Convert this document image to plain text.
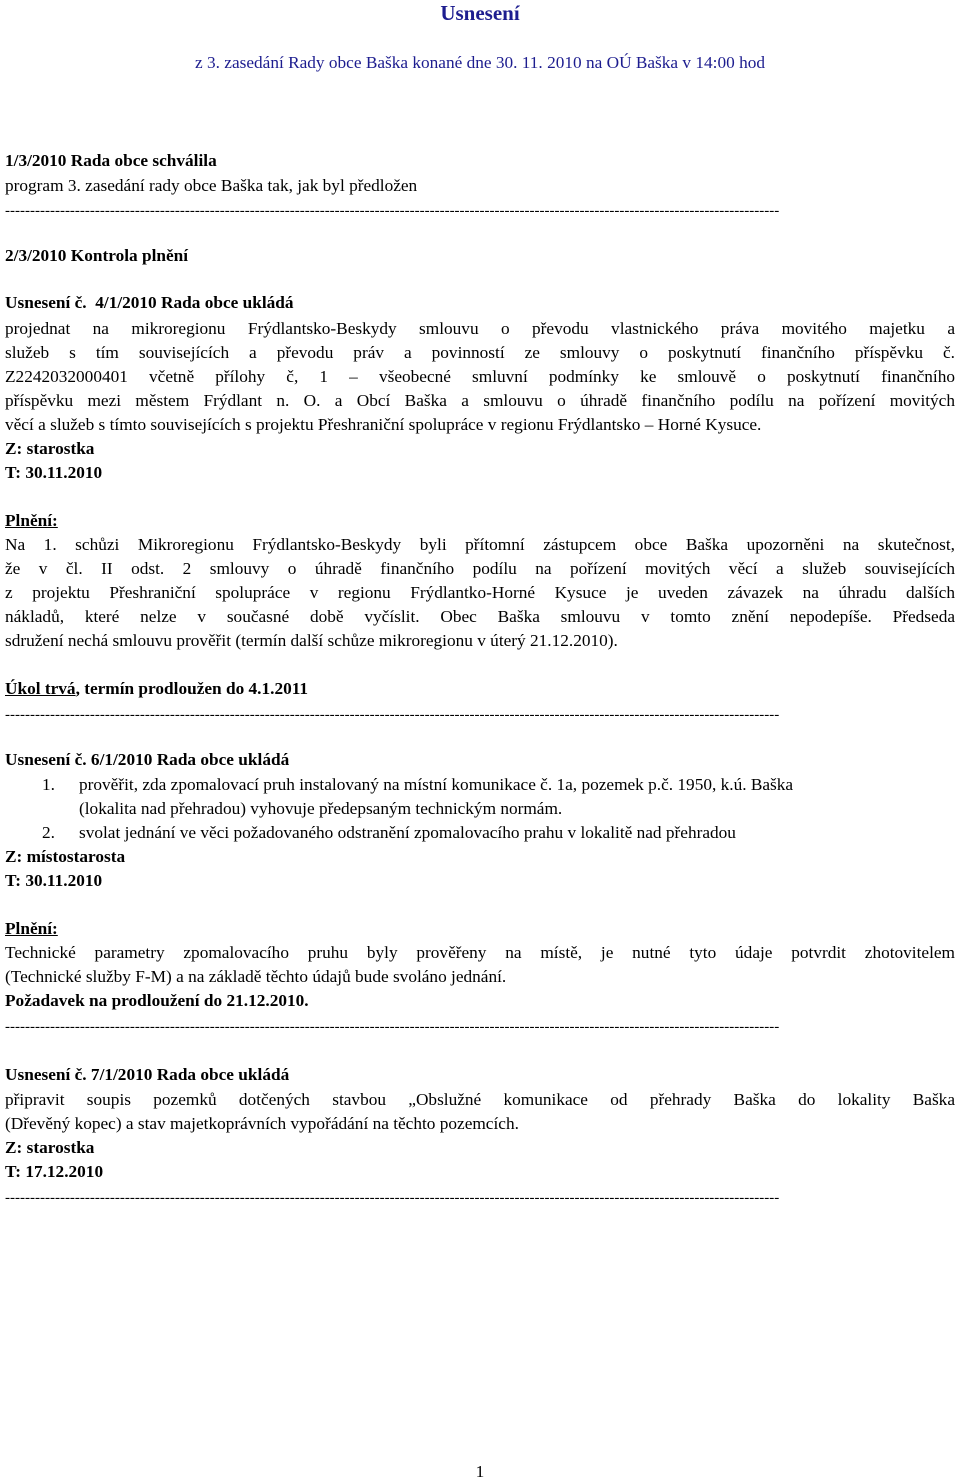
Usnesení
z 3. zasedání Rady obce Baška konané dne 30. 11. 2010 na OÚ Baška v 14:00 hod
1/3/2010 Rada obce schválila
program 3. zasedání rady obce Baška tak, jak byl předložen
-----------------------------------------------------------------------------------------------------------------------------------------------------------
2/3/2010 Kontrola plnění
Usnesení č. 4/1/2010 Rada obce ukládá
projednat na mikroregionu Frýdlantsko-Beskydy smlouvu o převodu vlastnického práva movitého majetku a
služeb s tím souvisejících a převodu práv a povinností ze smlouvy o poskytnutí finančního příspěvku č.
Z2242032000401 včetně přílohy č, 1 – všeobecné smluvní podmínky ke smlouvě o poskytnutí finančního
příspěvku mezi městem Frýdlant n. O. a Obcí Baška a smlouvu o úhradě finančního podílu na pořízení movitých
věcí a služeb s tímto souvisejících s projektu Přeshraniční spolupráce v regionu Frýdlantsko – Horné Kysuce.
Z: starostka
T: 30.11.2010
Plnění:
Na 1. schůzi Mikroregionu Frýdlantsko-Beskydy byli přítomní zástupcem obce Baška upozorněni na skutečnost,
že v čl. II odst. 2 smlouvy o úhradě finančního podílu na pořízení movitých věcí a služeb souvisejících
z projektu Přeshraniční spolupráce v regionu Frýdlantko-Horné Kysuce je uveden závazek na úhradu dalších
nákladů, které nelze v současné době vyčíslit. Obec Baška smlouvu v tomto znění nepodepíše. Předseda
sdružení nechá smlouvu prověřit (termín další schůze mikroregionu v úterý 21.12.2010).
Úkol trvá, termín prodloužen do 4.1.2011
-----------------------------------------------------------------------------------------------------------------------------------------------------------
Usnesení č. 6/1/2010 Rada obce ukládá
1. prověřit, zda zpomalovací pruh instalovaný na místní komunikace č. 1a, pozemek p.č. 1950, k.ú. Baška
(lokalita nad přehradou) vyhovuje předepsaným technickým normám.
2. svolat jednání ve věci požadovaného odstranění zpomalovacího prahu v lokalitě nad přehradou
Z: místostarosta
T: 30.11.2010
Plnění:
Technické parametry zpomalovacího pruhu byly prověřeny na místě, je nutné tyto údaje potvrdit zhotovitelem
(Technické služby F-M) a na základě těchto údajů bude svoláno jednání.
Požadavek na prodloužení do 21.12.2010.
-----------------------------------------------------------------------------------------------------------------------------------------------------------
Usnesení č. 7/1/2010 Rada obce ukládá
připravit soupis pozemků dotčených stavbou „Obslužné komunikace od přehrady Baška do lokality Baška
(Dřevěný kopec) a stav majetkoprávních vypořádání na těchto pozemcích.
Z: starostka
T: 17.12.2010
-----------------------------------------------------------------------------------------------------------------------------------------------------------
1
